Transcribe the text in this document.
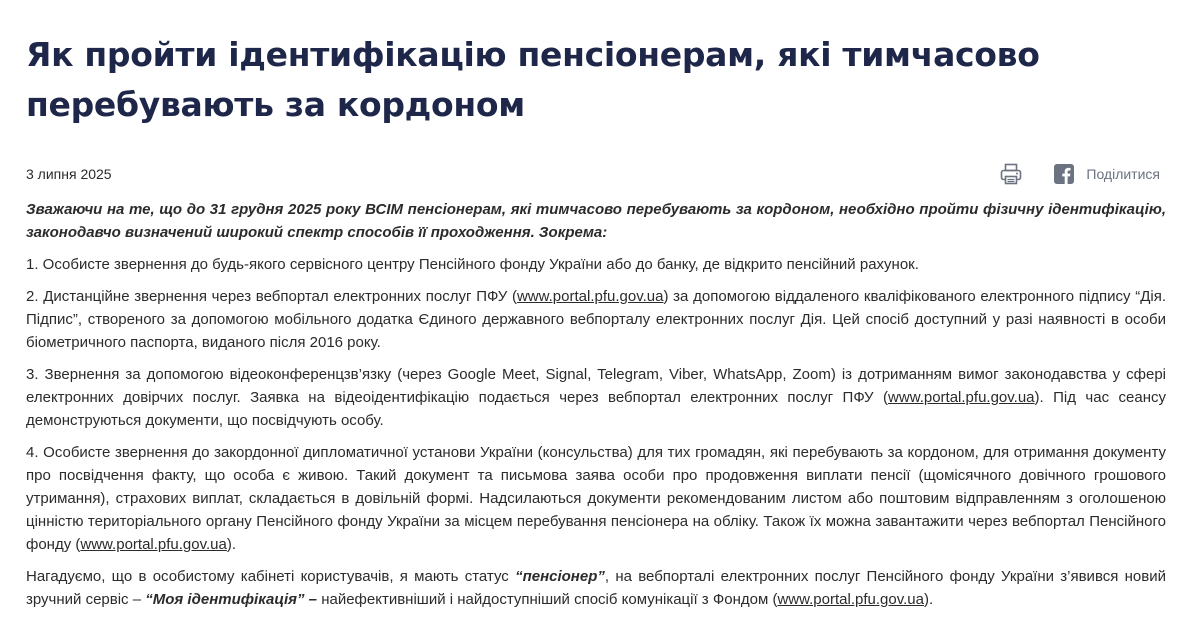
Як пройти ідентифікацію пенсіонерам, які тимчасово перебувають за кордоном
3 липня 2025	Поділитися

Зважаючи на те, що до 31 грудня 2025 року ВСІМ пенсіонерам, які тимчасово перебувають за кордоном, необхідно пройти фізичну ідентифікацію, законодавчо визначений широкий спектр способів її проходження. Зокрема:

1. Особисте звернення до будь-якого сервісного центру Пенсійного фонду України або до банку, де відкрито пенсійний рахунок.

2. Дистанційне звернення через вебпортал електронних послуг ПФУ (www.portal.pfu.gov.ua) за допомогою віддаленого кваліфікованого електронного підпису “Дія. Підпис”, створеного за допомогою мобільного додатка Єдиного державного вебпорталу електронних послуг Дія. Цей спосіб доступний у разі наявності в особи біометричного паспорта, виданого після 2016 року.

3. Звернення за допомогою відеоконференцзв’язку (через Google Meet, Signal, Telegram, Viber, WhatsApp, Zoom) із дотриманням вимог законодавства у сфері електронних довірчих послуг. Заявка на відеоідентифікацію подається через вебпортал електронних послуг ПФУ (www.portal.pfu.gov.ua). Під час сеансу демонструються документи, що посвідчують особу.

4. Особисте звернення до закордонної дипломатичної установи України (консульства) для тих громадян, які перебувають за кордоном, для отримання документу про посвідчення факту, що особа є живою. Такий документ та письмова заява особи про продовження виплати пенсії (щомісячного довічного грошового утримання), страхових виплат, складається в довільній формі. Надсилаються документи рекомендованим листом або поштовим відправленням з оголошеною цінністю територіального органу Пенсійного фонду України за місцем перебування пенсіонера на обліку. Також їх можна завантажити через вебпортал Пенсійного фонду (www.portal.pfu.gov.ua).

Нагадуємо, що в особистому кабінеті користувачів, я мають статус “пенсіонер”, на вебпорталі електронних послуг Пенсійного фонду України з’явився новий зручний сервіс – “Моя ідентифікація” – найефективніший і найдоступніший спосіб комунікації з Фондом (www.portal.pfu.gov.ua).
